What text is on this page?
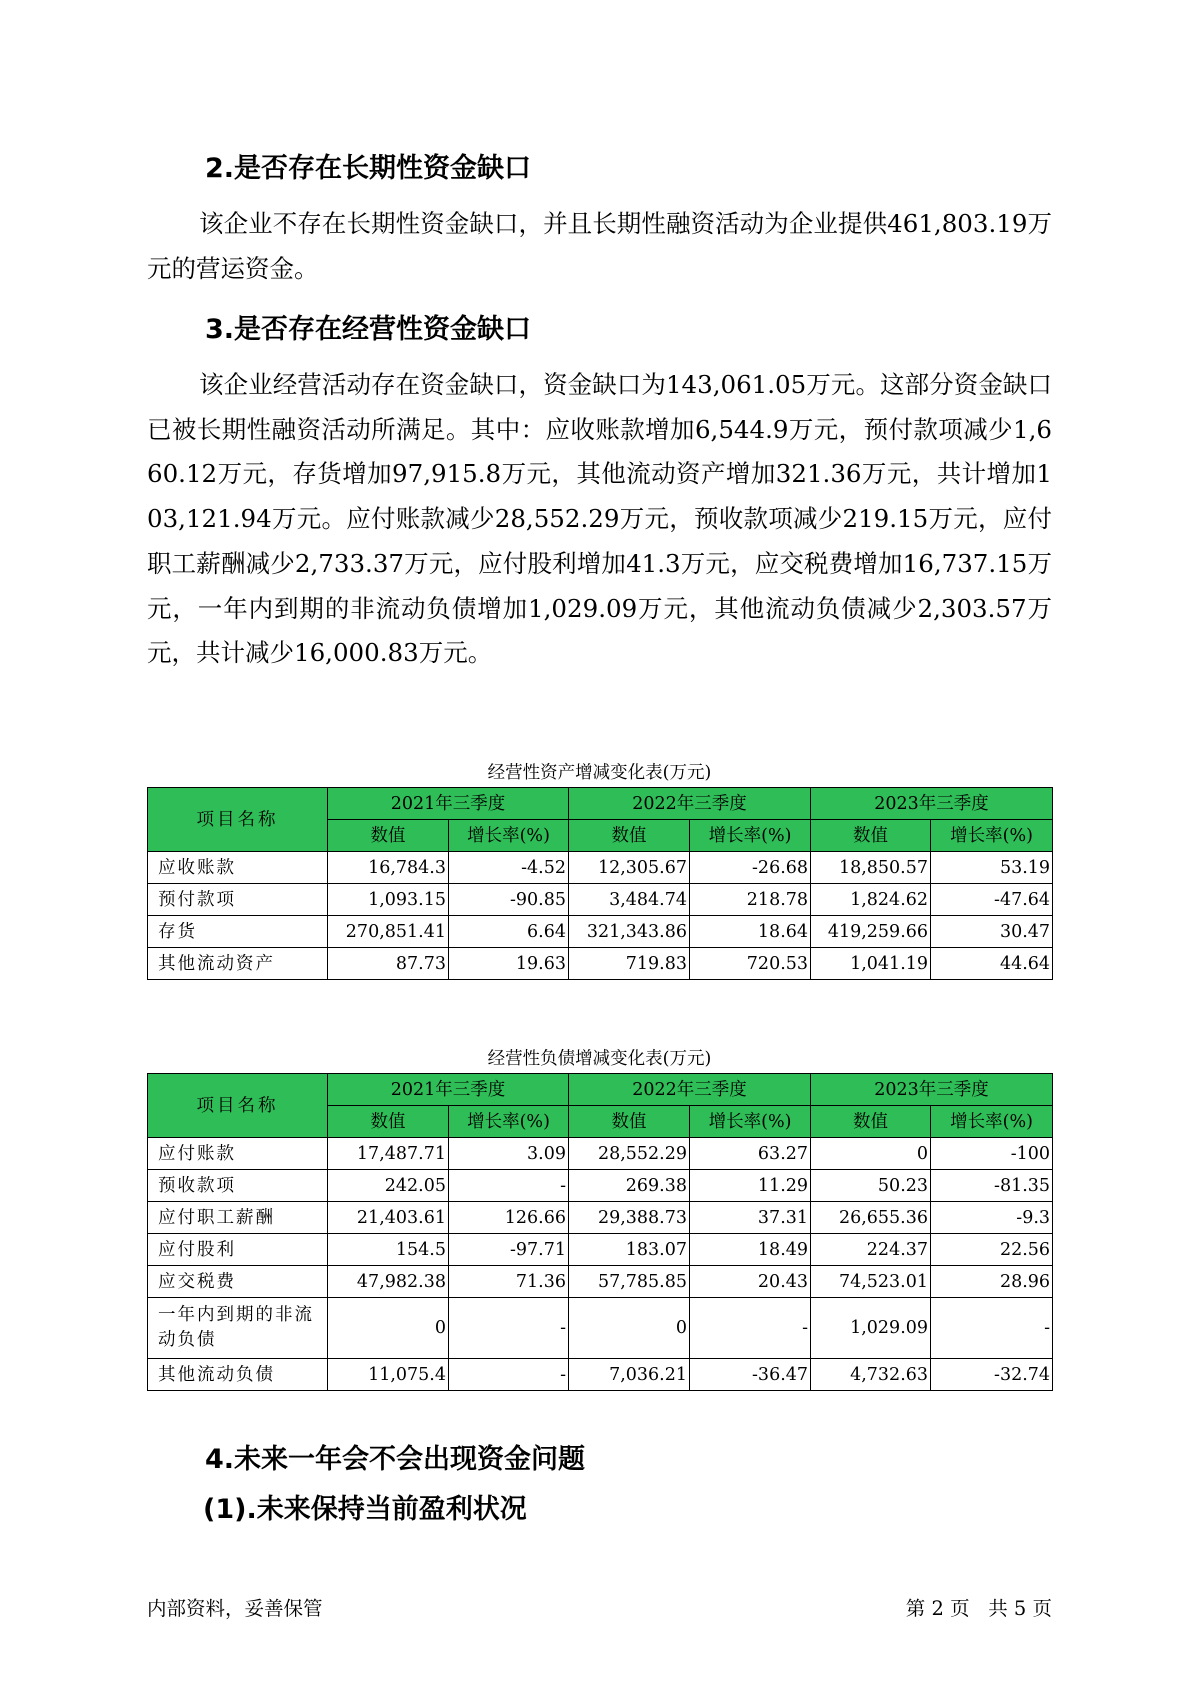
2.是否存在长期性资金缺口

该企业不存在长期性资金缺口，并且长期性融资活动为企业提供461,803.19万元的营运资金。

3.是否存在经营性资金缺口

该企业经营活动存在资金缺口，资金缺口为143,061.05万元。这部分资金缺口已被长期性融资活动所满足。其中：应收账款增加6,544.9万元，预付款项减少1,660.12万元，存货增加97,915.8万元，其他流动资产增加321.36万元，共计增加103,121.94万元。应付账款减少28,552.29万元，预收款项减少219.15万元，应付职工薪酬减少2,733.37万元，应付股利增加41.3万元，应交税费增加16,737.15万元，一年内到期的非流动负债增加1,029.09万元，其他流动负债减少2,303.57万元，共计减少16,000.83万元。

经营性资产增减变化表(万元)
项目名称	2021年三季度		2022年三季度		2023年三季度	
	数值	增长率(%)	数值	增长率(%)	数值	增长率(%)
应收账款	16,784.3	-4.52	12,305.67	-26.68	18,850.57	53.19
预付款项	1,093.15	-90.85	3,484.74	218.78	1,824.62	-47.64
存货	270,851.41	6.64	321,343.86	18.64	419,259.66	30.47
其他流动资产	87.73	19.63	719.83	720.53	1,041.19	44.64
经营性负债增减变化表(万元)
项目名称	2021年三季度		2022年三季度		2023年三季度	
	数值	增长率(%)	数值	增长率(%)	数值	增长率(%)
应付账款	17,487.71	3.09	28,552.29	63.27	0	-100
预收款项	242.05	-	269.38	11.29	50.23	-81.35
应付职工薪酬	21,403.61	126.66	29,388.73	37.31	26,655.36	-9.3
应付股利	154.5	-97.71	183.07	18.49	224.37	22.56
应交税费	47,982.38	71.36	57,785.85	20.43	74,523.01	28.96
一年内到期的非流动负债	0	-	0	-	1,029.09	-
其他流动负债	11,075.4	-	7,036.21	-36.47	4,732.63	-32.74
4.未来一年会不会出现资金问题
(1).未来保持当前盈利状况
内部资料，妥善保管	第 2 页   共 5 页
